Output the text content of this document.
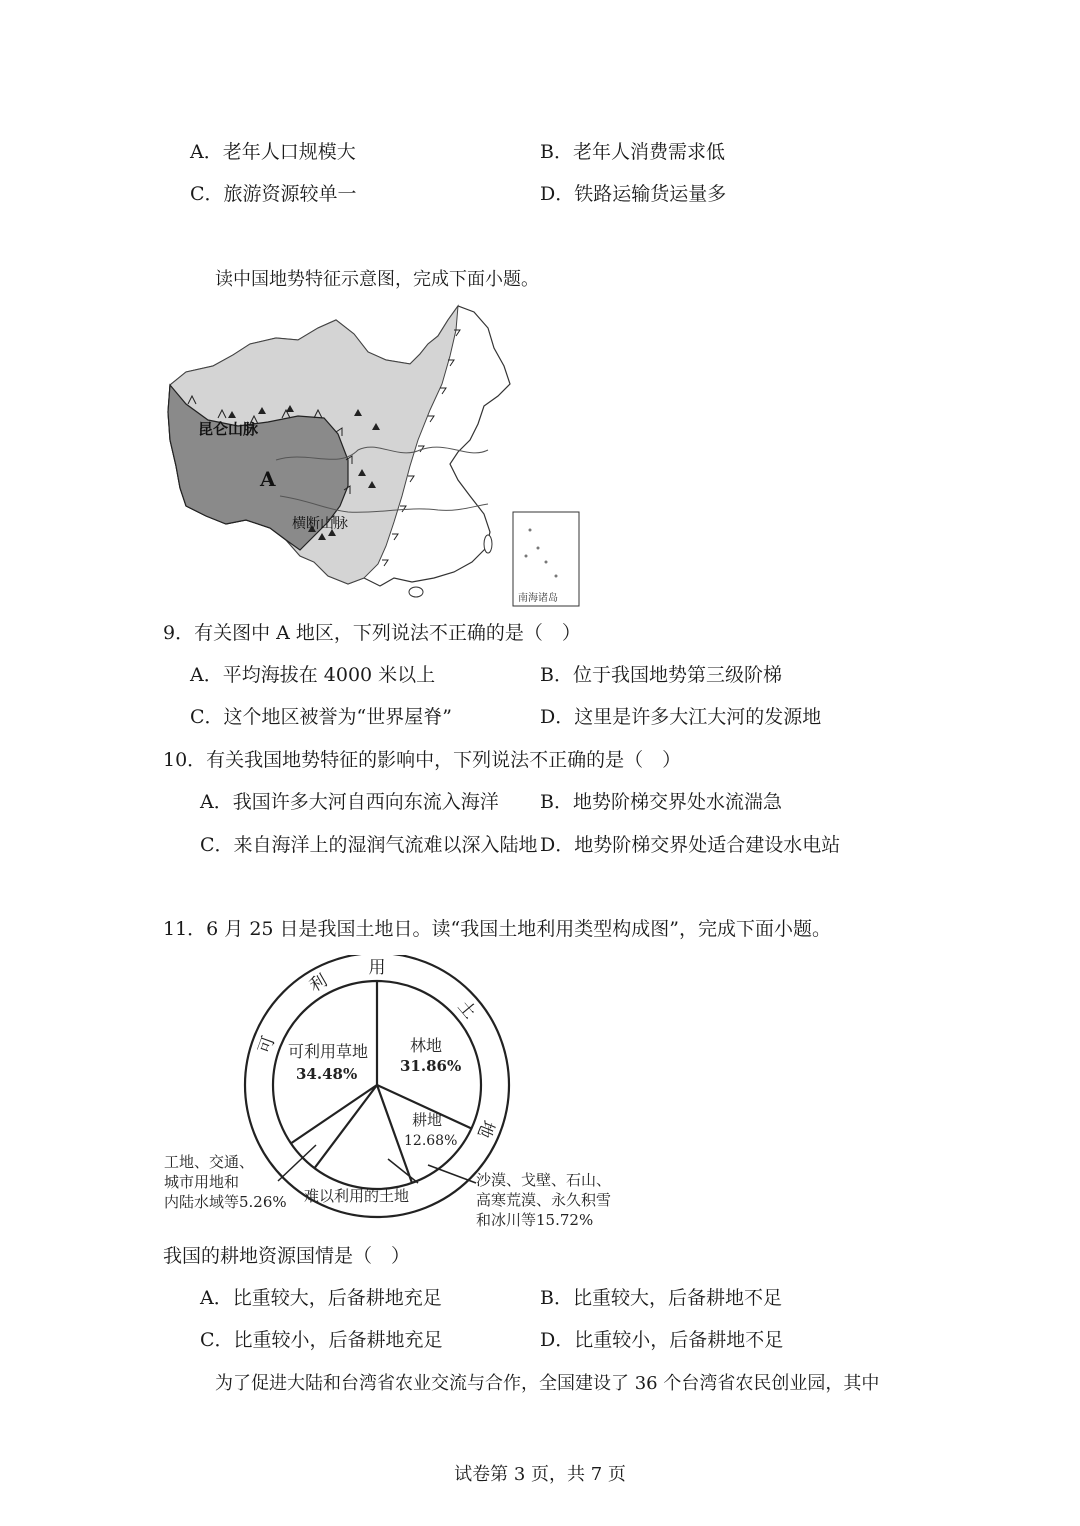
A．老年人口规模大	B．老年人消费需求低
C．旅游资源较单一	D．铁路运输货运量多
读中国地势特征示意图，完成下面小题。
南海诸岛
昆仑山脉
A
横断山脉
9．有关图中 A 地区，下列说法不正确的是（　）
A．平均海拔在 4000 米以上	B．位于我国地势第三级阶梯
C．这个地区被誉为“世界屋脊”	D．这里是许多大江大河的发源地
10．有关我国地势特征的影响中，下列说法不正确的是（　）
A．我国许多大河自西向东流入海洋 B．地势阶梯交界处水流湍急
C．来自海洋上的湿润气流难以深入陆地 D．地势阶梯交界处适合建设水电站
11．6 月 25 日是我国土地日。读“我国土地利用类型构成图”，完成下面小题。
可
利
用
土
地
可利用草地
34.48%
林地
31.86%
耕地
12.68%
工地、交通、
城市用地和
内陆水域等5.26% 难以利用的土地
沙漠、戈壁、石山、
高寒荒漠、永久积雪
和冰川等15.72%
我国的耕地资源国情是（　）
A．比重较大，后备耕地充足	B．比重较大，后备耕地不足
C．比重较小，后备耕地充足	D．比重较小，后备耕地不足
为了促进大陆和台湾省农业交流与合作，全国建设了 36 个台湾省农民创业园，其中
试卷第 3 页，共 7 页
